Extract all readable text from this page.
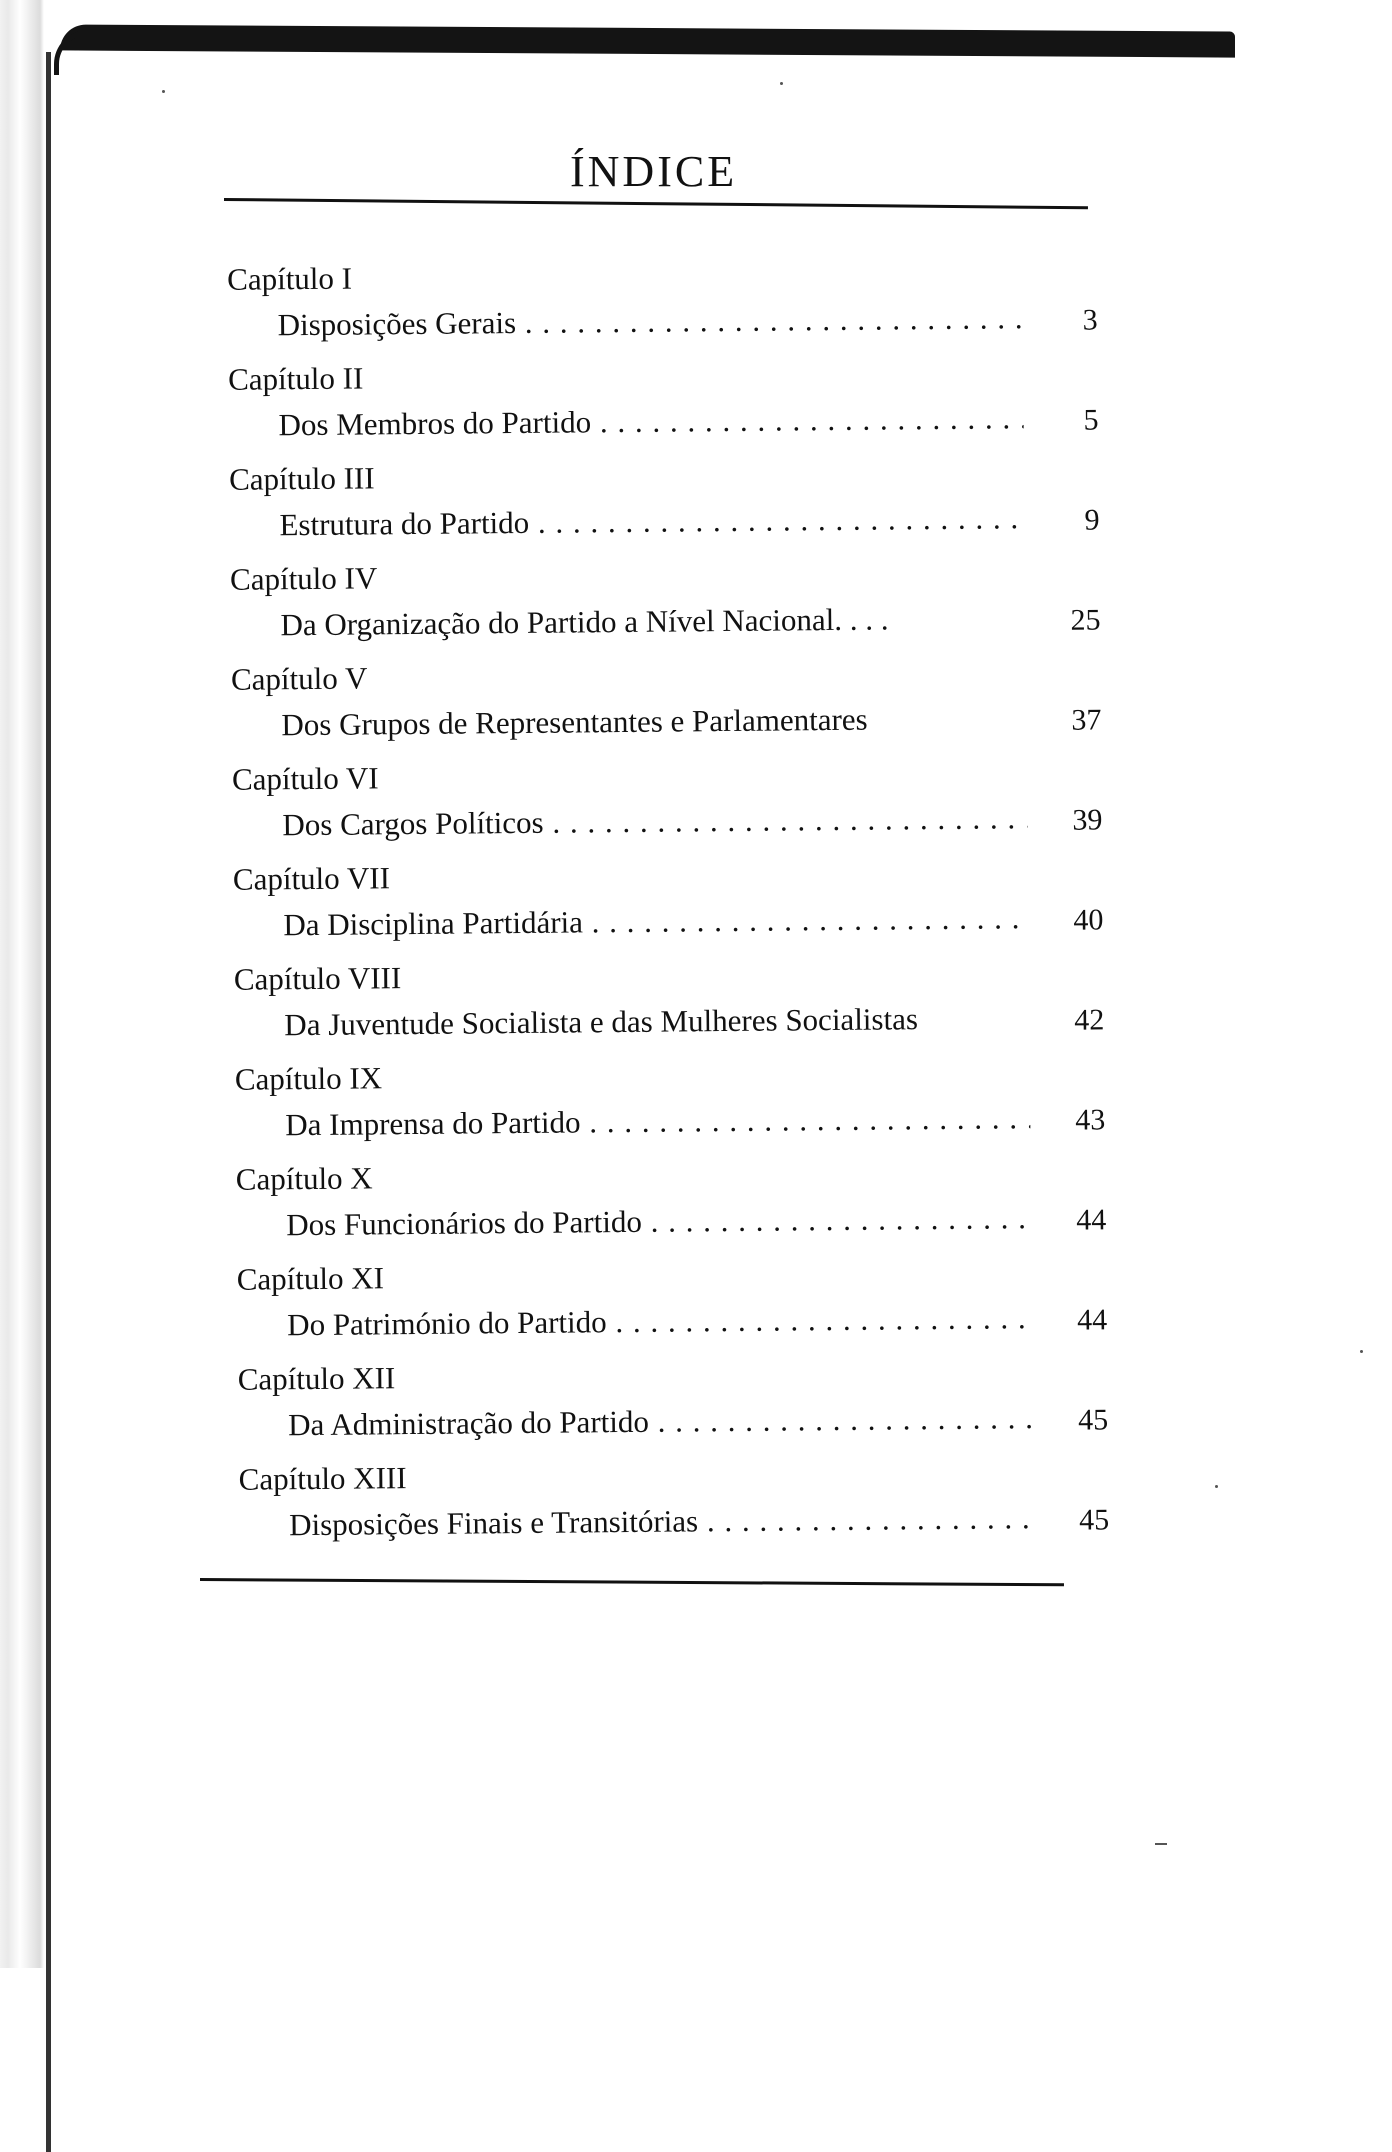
ÍNDICE
Capítulo I
Disposições Gerais . . .	3
Capítulo II
Dos Membros do Partido . . .	5
Capítulo III
Estrutura do Partido . . .	9
Capítulo IV
Da Organização do Partido a Nível Nacional. . . .	25
Capítulo V
Dos Grupos de Representantes e Parlamentares	37
Capítulo VI
Dos Cargos Políticos . . .	39
Capítulo VII
Da Disciplina Partidária . . .	40
Capítulo VIII
Da Juventude Socialista e das Mulheres Socialistas	42
Capítulo IX
Da Imprensa do Partido . . .	43
Capítulo X
Dos Funcionários do Partido . . .	44
Capítulo XI
Do Património do Partido . . .	44
Capítulo XII
Da Administração do Partido . . .	45
Capítulo XIII
Disposições Finais e Transitórias . . .	45
